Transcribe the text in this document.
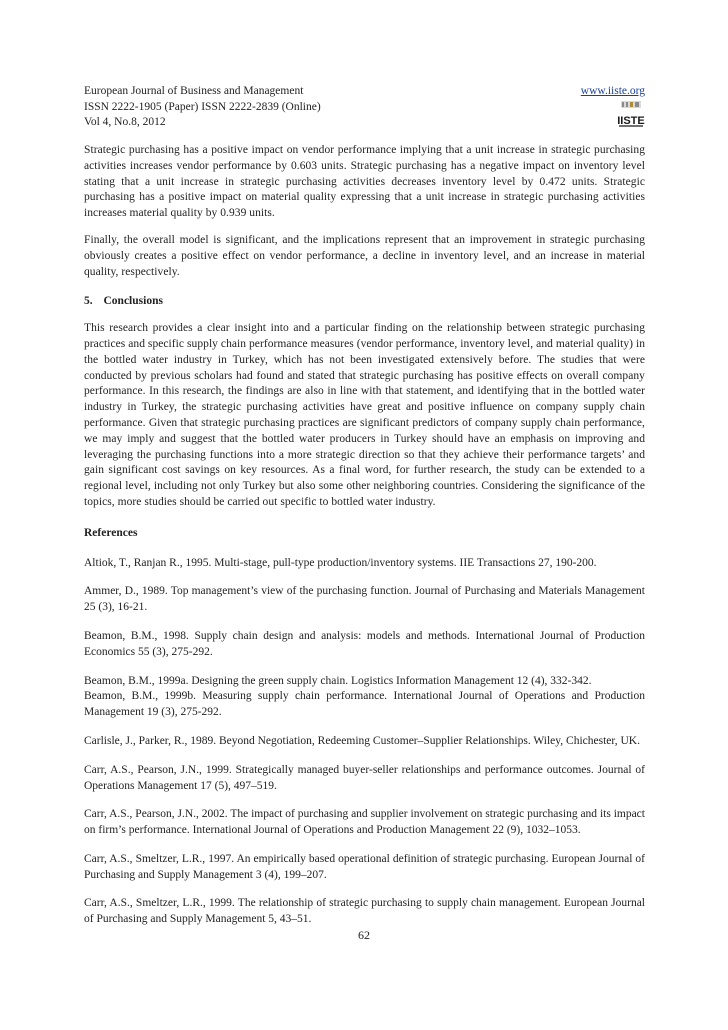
European Journal of Business and Management
ISSN 2222-1905 (Paper) ISSN 2222-2839 (Online)
Vol 4, No.8, 2012
www.iiste.org
IISTE

Strategic purchasing has a positive impact on vendor performance implying that a unit increase in strategic purchasing activities increases vendor performance by 0.603 units. Strategic purchasing has a negative impact on inventory level stating that a unit increase in strategic purchasing activities decreases inventory level by 0.472 units. Strategic purchasing has a positive impact on material quality expressing that a unit increase in strategic purchasing activities increases material quality by 0.939 units.

Finally, the overall model is significant, and the implications represent that an improvement in strategic purchasing obviously creates a positive effect on vendor performance, a decline in inventory level, and an increase in material quality, respectively.

5. Conclusions

This research provides a clear insight into and a particular finding on the relationship between strategic purchasing practices and specific supply chain performance measures (vendor performance, inventory level, and material quality) in the bottled water industry in Turkey, which has not been investigated extensively before. The studies that were conducted by previous scholars had found and stated that strategic purchasing has positive effects on overall company performance. In this research, the findings are also in line with that statement, and identifying that in the bottled water industry in Turkey, the strategic purchasing activities have great and positive influence on company supply chain performance. Given that strategic purchasing practices are significant predictors of company supply chain performance, we may imply and suggest that the bottled water producers in Turkey should have an emphasis on improving and leveraging the purchasing functions into a more strategic direction so that they achieve their performance targets’ and gain significant cost savings on key resources. As a final word, for further research, the study can be extended to a regional level, including not only Turkey but also some other neighboring countries. Considering the significance of the topics, more studies should be carried out specific to bottled water industry.

References

Altiok, T., Ranjan R., 1995. Multi-stage, pull-type production/inventory systems. IIE Transactions 27, 190-200.

Ammer, D., 1989. Top management’s view of the purchasing function. Journal of Purchasing and Materials Management 25 (3), 16-21.

Beamon, B.M., 1998. Supply chain design and analysis: models and methods. International Journal of Production Economics 55 (3), 275-292.

Beamon, B.M., 1999a. Designing the green supply chain. Logistics Information Management 12 (4), 332-342.

Beamon, B.M., 1999b. Measuring supply chain performance. International Journal of Operations and Production Management 19 (3), 275-292.

Carlisle, J., Parker, R., 1989. Beyond Negotiation, Redeeming Customer–Supplier Relationships. Wiley, Chichester, UK.

Carr, A.S., Pearson, J.N., 1999. Strategically managed buyer-seller relationships and performance outcomes. Journal of Operations Management 17 (5), 497–519.

Carr, A.S., Pearson, J.N., 2002. The impact of purchasing and supplier involvement on strategic purchasing and its impact on firm’s performance. International Journal of Operations and Production Management 22 (9), 1032–1053.

Carr, A.S., Smeltzer, L.R., 1997. An empirically based operational definition of strategic purchasing. European Journal of Purchasing and Supply Management 3 (4), 199–207.

Carr, A.S., Smeltzer, L.R., 1999. The relationship of strategic purchasing to supply chain management. European Journal of Purchasing and Supply Management 5, 43–51.

62
